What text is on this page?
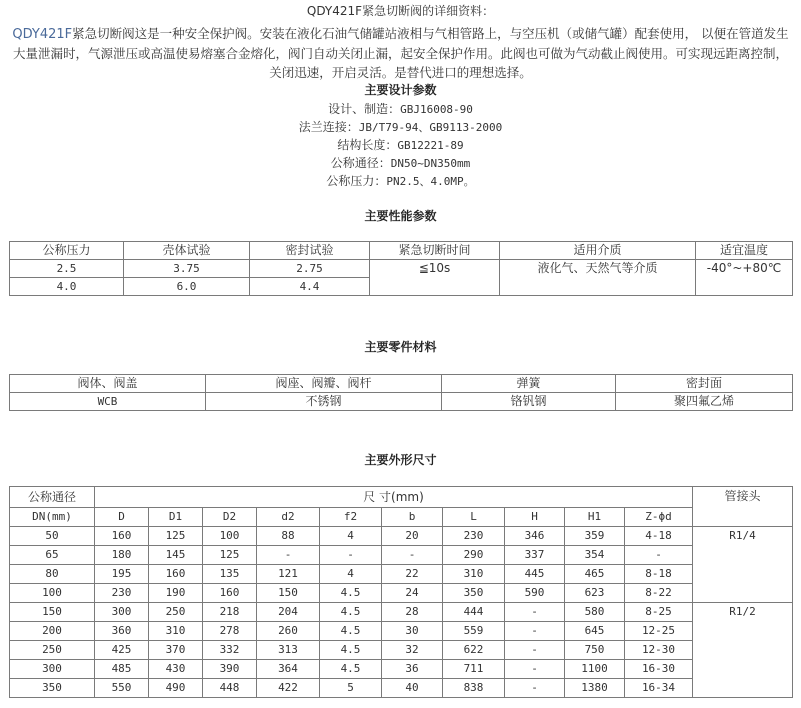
QDY421F紧急切断阀的详细资料：
QDY421F紧急切断阀这是一种安全保护阀。安装在液化石油气储罐站液相与气相管路上，与空压机（或储气罐）配套使用， 以便在管道发生大量泄漏时，气源泄压或高温使易熔塞合金熔化，阀门自动关闭止漏，起安全保护作用。此阀也可做为气动截止阀使用。可实现远距离控制，关闭迅速，开启灵活。是替代进口的理想选择。
主要设计参数
设计、制造：GBJ16008-90
法兰连接：JB/T79-94、GB9113-2000
结构长度：GB12221-89
公称通径：DN50~DN350mm
公称压力：PN2.5、4.0MP。
主要性能参数
公称压力	壳体试验	密封试验	紧急切断时间	适用介质	适宜温度
2.5	3.75	2.75	≦10s	液化气、天然气等介质	-40°~+80℃
4.0	6.0	4.4			
主要零件材料
阀体、阀盖	阀座、阀瓣、阀杆	弹簧	密封面
WCB	不锈钢	铬钒钢	聚四氟乙烯
主要外形尺寸
公称通径	尺 寸(mm)										管接头
DN(mm)	D	D1	D2	d2	f2	b	L	H	H1	Z-ϕd	
50	160	125	100	88	4	20	230	346	359	4-18	R1/4
65	180	145	125	-	-	-	290	337	354	-	
80	195	160	135	121	4	22	310	445	465	8-18	
100	230	190	160	150	4.5	24	350	590	623	8-22	
150	300	250	218	204	4.5	28	444	-	580	8-25	R1/2
200	360	310	278	260	4.5	30	559	-	645	12-25	
250	425	370	332	313	4.5	32	622	-	750	12-30	
300	485	430	390	364	4.5	36	711	-	1100	16-30	
350	550	490	448	422	5	40	838	-	1380	16-34	
